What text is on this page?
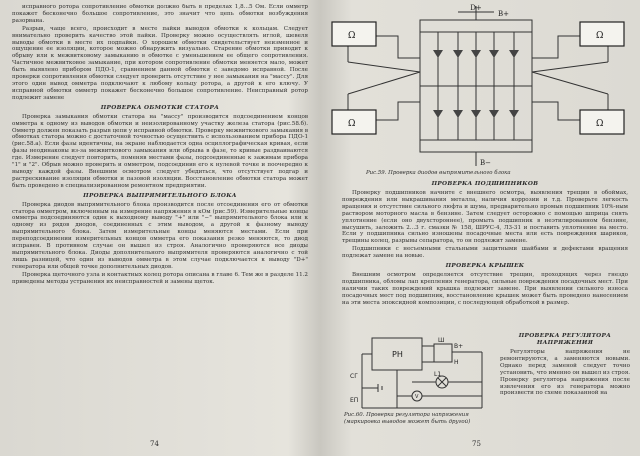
исправного ротора сопротивление обмотки должно быть в пределах 1,8...5 Ом. Если омметр покажет бесконечно большое сопротивление, это значит что цепь обмотки возбуждения разорвана.

Разрыв, чаще всего, происходит в месте пайки выводов обмотки к кольцам. Следует внимательно проверить качество этой пайки. Проверку можно осуществлять иглой, шевеля выводы обмотки в месте их подпайки. О хорошем обмотки свидетельствует неизменное и ощущение ее изоляции, которое можно обнаружить визуально. Старение обмотки приводит к обрыву или к межвитковому замыканию в обмотке с уменьшением ее общего сопротивления. Частичное межвитковое замыкание, при котором сопротивление обмотки меняется мало, может быть выявлено прибором ПДО-1, сравнением данной обмотки с заведомо исправной. После проверки сопротивления обмотки следует проверить отсутствие у нее замыкания на "массу". Для этого один вывод омметра подключают к любому кольцу ротора, а другой к его ключу. У исправной обмотки омметр покажет бесконечно большое сопротивление. Неисправный ротор подлежит замене

ПРОВЕРКА ОБМОТКИ СТАТОРА

Проверка замыкания обмотки статора на "массу" производится подсоединением концов омметра к одному из выводов обмотки и неизолированному участку железа статора (рис.58.б). Омметр должен показать разрыв цепи у исправной обмотки. Проверку межвиткового замыкания в обмотках статора можно с достаточной точностью осуществить с использованием прибора ПДО-1 (рис.58.а). Если фазы идентичны, на экране наблюдается одна осциллографическая кривая, если фазы неодинаковы из-за межвиткового замыкания или обрыва в фазе, то кривые раздваиваются где. Измерение следует повторить, поменяв местами фазы, подсоединенные к зажимам прибора "1" и "2". Обрыв можно проверить и омметром, подсоединив его к нулевой точке и поочередно к выводу каждой фазы. Внешним осмотром следует убедиться, что отсутствует подгар и растрескивание изоляции обмотки и пазовой изоляции. Восстановление обмотки статора может быть проведено в специализированном ремонтном предприятии.

ПРОВЕРКА ВЫПРЯМИТЕЛЬНОГО БЛОКА

Проверка диодов выпрямительного блока производится после отсоединения его от обмотки статора омметром, включенным на измерение напряжения в кОм (рис.59). Измерительные концы омметра подсоединяются один к выходному выводу "+" или "−" выпрямительного блока или к одному из рядов диодов, соединенных с этим выводом, а другой к фазному выводу выпрямительного блока. Затем измерительные концы меняются местами. Если при переподсоединении измерительных концов омметра его показания резко меняются, то диод исправен. В противном случае он вышел из строя. Аналогично проверяются все диоды выпрямительного блока. Диоды дополнительного выпрямителя проверяются аналогично с той лишь разницей, что один из выводов омметра в этом случае подключается к выводу "D+" генератора или общей точке дополнительных диодов.

Проверка щеточного узла и контактных колец ротора описана в главе 6. Тем же в разделе 11.2 приведены методы устранения их неисправностей и замены щеток.

74
D+
B+
B−
Ω
Ω
Ω
Ω
Рис.59. Проверка диодов выпрямительного блока
ПРОВЕРКА ПОДШИПНИКОВ

Проверку подшипников начните с внешнего осмотра, выявления трещин в обоймах, повреждения или выкрашивания металла, наличия коррозии и т.д. Проверьте легкость вращения и отсутствие сильного люфта и шума, предварительно промыв подшипник 10%-ным раствором моторного масла в бензине. Затем следует осторожно с помощью шприца снять уплотнение (если оно двухстороннее), промыть подшипник в неэтилированном бензине, высушить, заложить 2...3 г. смазки № 158, ШРУС-4, Л3-31 и поставить уплотнение на место. Если у подшипника сильно изношены посадочные места или есть повреждения шариков, трещины колец, разрывы сепаратора, то он подлежит замене.

Подшипники с несъемными стальными защитными шайбами и дефектами вращения подлежат замене на новые.

ПРОВЕРКА КРЫШЕК

Внешним осмотром определяется отсутствие трещин, проходящих через гнездо подшипника, обломы лап крепления генератора, сильные повреждения посадочных мест. При наличии таких повреждений крышка подлежит замене. При выявлении сильного износа посадочных мест под подшипник, восстановление крышек может быть проведено нанесением на эти места эпоксидной композиции, с последующей обработкой в размер.

РН
B+
Ш
Н
СГ	L1
ЕП	V
Рис.60. Проверка регулятора напряжения (маркировка выводов может быть другой)
ПРОВЕРКА РЕГУЛЯТОРА НАПРЯЖЕНИЯ

Регуляторы напряжения не ремонтируются, а заменяются новыми. Однако перед заменой следует точно установить, что именно он вышел из строя. Проверку регулятора напряжения после извлечения его из генератора можно произвести по схеме показанной на

75
